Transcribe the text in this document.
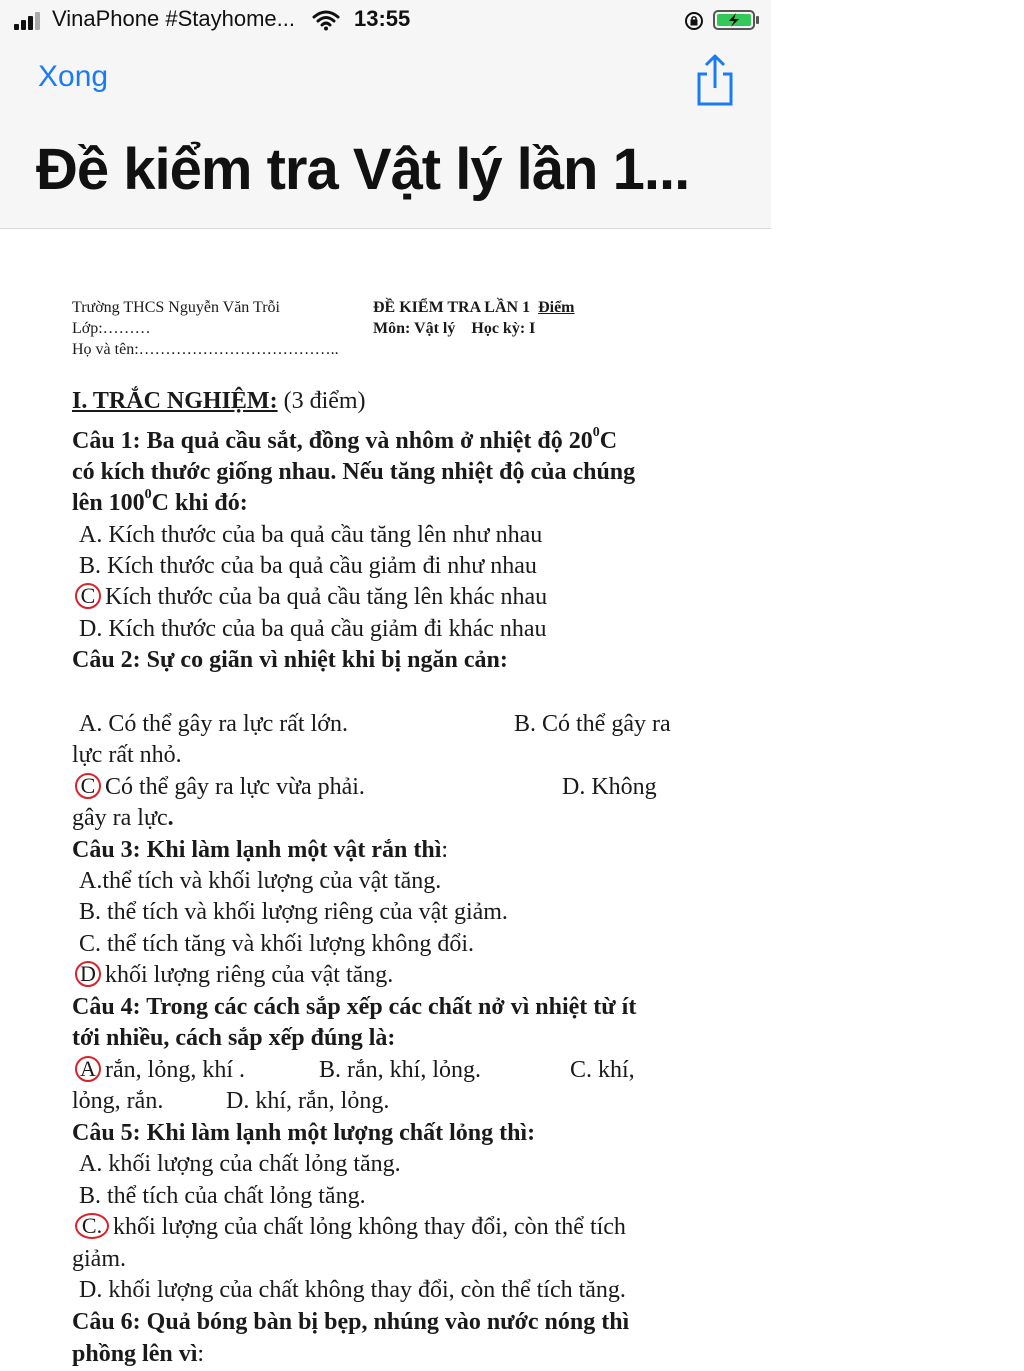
VinaPhone #Stayhome...	13:55
Xong
Đề kiểm tra Vật lý lần 1...
Trường THCS Nguyễn Văn Trỗi
Lớp:………
Họ và tên:………………………………..
ĐỀ KIỂM TRA LẦN 1 Điểm
Môn: Vật lý Học kỳ: I
I. TRẮC NGHIỆM: (3 điểm)
Câu 1: Ba quả cầu sắt, đồng và nhôm ở nhiệt độ $20^0C$
có kích thước giống nhau. Nếu tăng nhiệt độ của chúng
lên $100^0C$ khi đó:
A. Kích thước của ba quả cầu tăng lên như nhau
B. Kích thước của ba quả cầu giảm đi như nhau
C Kích thước của ba quả cầu tăng lên khác nhau
D. Kích thước của ba quả cầu giảm đi khác nhau
Câu 2: Sự co giãn vì nhiệt khi bị ngăn cản:
A. Có thể gây ra lực rất lớn.	B. Có thể gây ra
lực rất nhỏ.
C Có thể gây ra lực vừa phải.	D. Không
gây ra lực.
Câu 3: Khi làm lạnh một vật rắn thì:
A.thể tích và khối lượng của vật tăng.
B. thể tích và khối lượng riêng của vật giảm.
C. thể tích tăng và khối lượng không đổi.
D khối lượng riêng của vật tăng.
Câu 4: Trong các cách sắp xếp các chất nở vì nhiệt từ ít
tới nhiều, cách sắp xếp đúng là:
A rắn, lỏng, khí .	B. rắn, khí, lỏng.	C. khí,
lỏng, rắn.	D. khí, rắn, lỏng.
Câu 5: Khi làm lạnh một lượng chất lỏng thì:
A. khối lượng của chất lỏng tăng.
B. thể tích của chất lỏng tăng.
C. khối lượng của chất lỏng không thay đổi, còn thể tích
giảm.
D. khối lượng của chất không thay đổi, còn thể tích tăng.
Câu 6: Quả bóng bàn bị bẹp, nhúng vào nước nóng thì
phồng lên vì:
